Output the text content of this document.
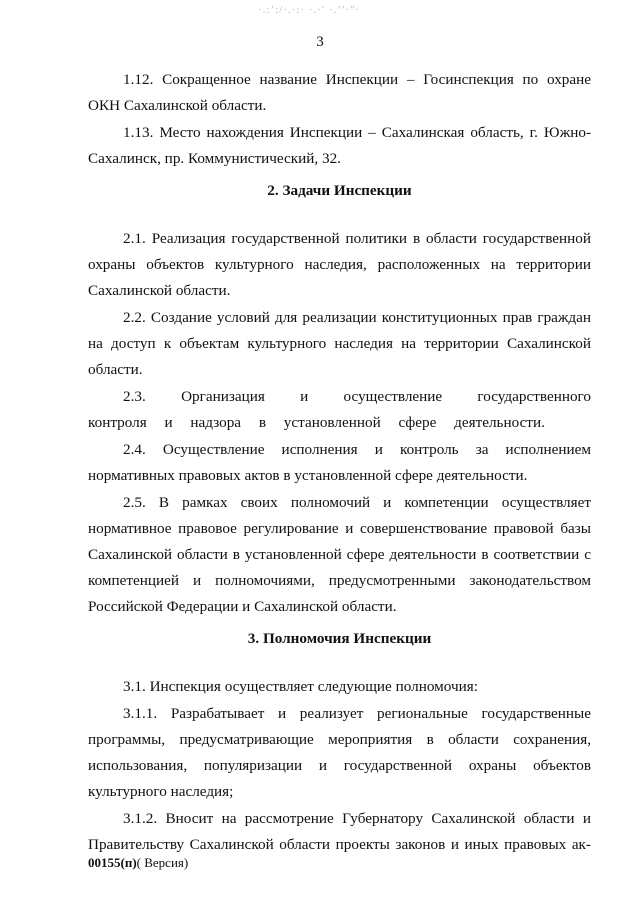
·.:ʼ:/·.·:· ·.·ʹ ·.ʼʹ·ʺ·
3

1.12. Сокращенное название Инспекции – Госинспекция по охране ОКН Сахалинской области.

1.13. Место нахождения Инспекции – Сахалинская область, г. Южно-Сахалинск, пр. Коммунистический, 32.

2. Задачи Инспекции

2.1. Реализация государственной политики в области государственной охраны объектов культурного наследия, расположенных на территории Сахалинской области.

2.2. Создание условий для реализации конституционных прав граждан на доступ к объектам культурного наследия на территории Сахалинской области.

2.3. Организация и осуществление государственного контроля и надзора в установленной сфере деятельности.

2.4. Осуществление исполнения и контроль за исполнением нормативных правовых актов в установленной сфере деятельности.

2.5. В рамках своих полномочий и компетенции осуществляет нормативное правовое регулирование и совершенствование правовой базы Сахалинской области в установленной сфере деятельности в соответствии с компетенцией и полномочиями, предусмотренными законодательством Российской Федерации и Сахалинской области.

3. Полномочия Инспекции

3.1. Инспекция осуществляет следующие полномочия:

3.1.1. Разрабатывает и реализует региональные государственные программы, предусматривающие мероприятия в области сохранения, использования, популяризации и государственной охраны объектов культурного наследия;

3.1.2. Вносит на рассмотрение Губернатору Сахалинской области и Правительству Сахалинской области проекты законов и иных правовых ак-

00155(п)( Версия)
